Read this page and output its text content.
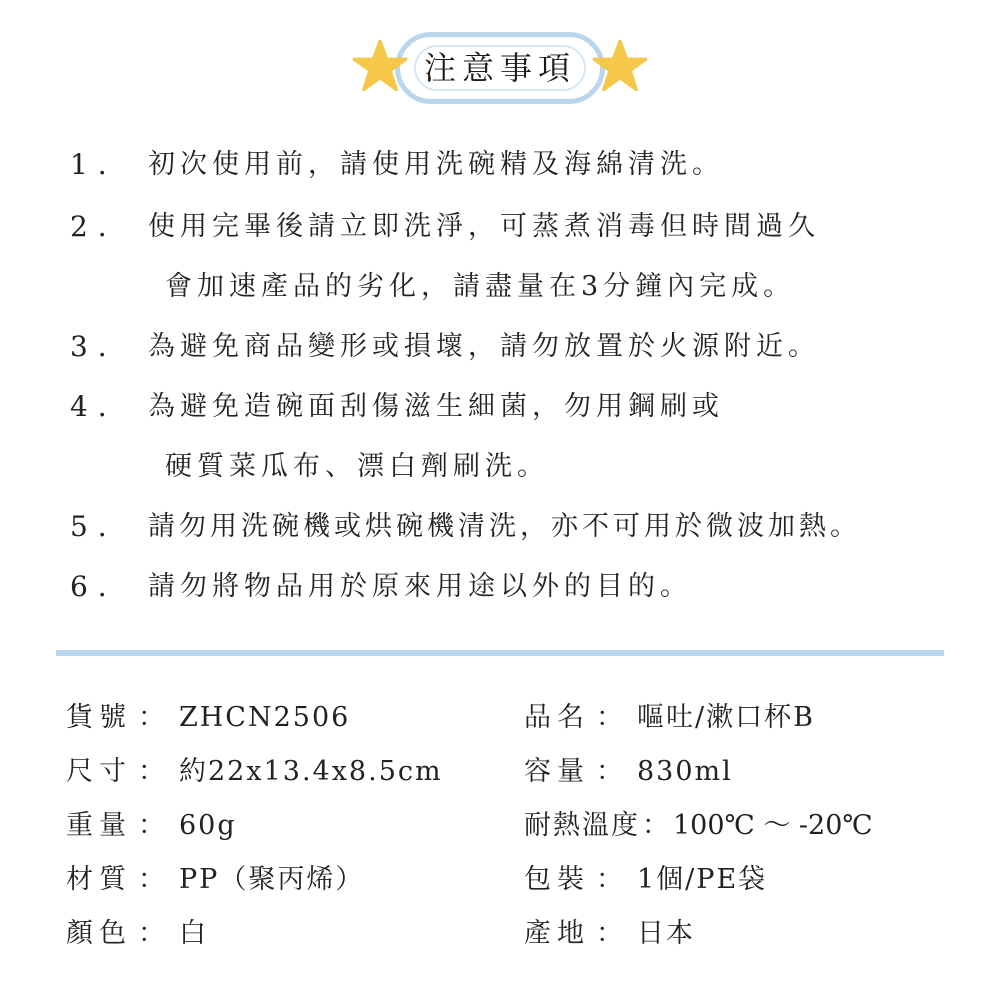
注意事項
1． 初次使用前，請使用洗碗精及海綿清洗。
2． 使用完畢後請立即洗淨，可蒸煮消毒但時間過久
會加速產品的劣化，請盡量在3分鐘內完成。
3． 為避免商品變形或損壞，請勿放置於火源附近。
4． 為避免造碗面刮傷滋生細菌，勿用鋼刷或
硬質菜瓜布、漂白劑刷洗。
5． 請勿用洗碗機或烘碗機清洗，亦不可用於微波加熱。
6． 請勿將物品用於原來用途以外的目的。
貨號 ： ZHCN2506
尺寸 ： 約22x13.4x8.5cm
重量 ： 60g
材質 ： PP（聚丙烯）
顏色 ： 白
品名 ： 嘔吐/漱口杯B
容量 ： 830ml
耐熱溫度： 100℃ ～ -20℃
包裝 ： 1個/PE袋
產地 ： 日本
